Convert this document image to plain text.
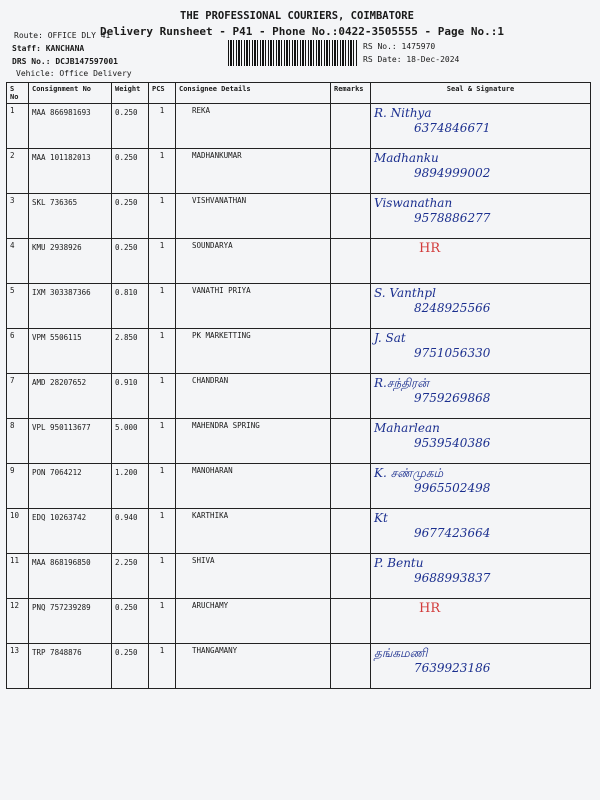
THE PROFESSIONAL COURIERS, COIMBATORE
Delivery Runsheet - P41 - Phone No.:0422-3505555 - Page No.:1
Route: OFFICE DLY 41
Staff: KANCHANA
DRS No.: DCJB147597001
Vehicle: Office Delivery
RS No.: 1475970
RS Date: 18-Dec-2024
S No	Consignment No	Weight	PCS	Consignee Details	Remarks	Seal & Signature
1	MAA 866981693	0.250	1	REKA		R. Nithya
6374846671

2	MAA 101182013	0.250	1	MADHANKUMAR		Madhanku
9894999002

3	SKL 736365	0.250	1	VISHVANATHAN		Viswanathan
9578886277

4	KMU 2938926	0.250	1	SOUNDARYA		HR

5	IXM 303387366	0.810	1	VANATHI PRIYA		S. Vanthpl
8248925566

6	VPM 5506115	2.850	1	PK MARKETTING		J. Sat
9751056330

7	AMD 28207652	0.910	1	CHANDRAN		R.சந்திரன்
9759269868

8	VPL 950113677	5.000	1	MAHENDRA SPRING		Maharlean
9539540386

9	PON 7064212	1.200	1	MANOHARAN		K. சண்முகம்
9965502498

10	EDQ 10263742	0.940	1	KARTHIKA		Kt
9677423664

11	MAA 868196850	2.250	1	SHIVA		P. Bentu
9688993837

12	PNQ 757239289	0.250	1	ARUCHAMY		HR

13	TRP 7848876	0.250	1	THANGAMANY		தங்கமணி
7639923186
